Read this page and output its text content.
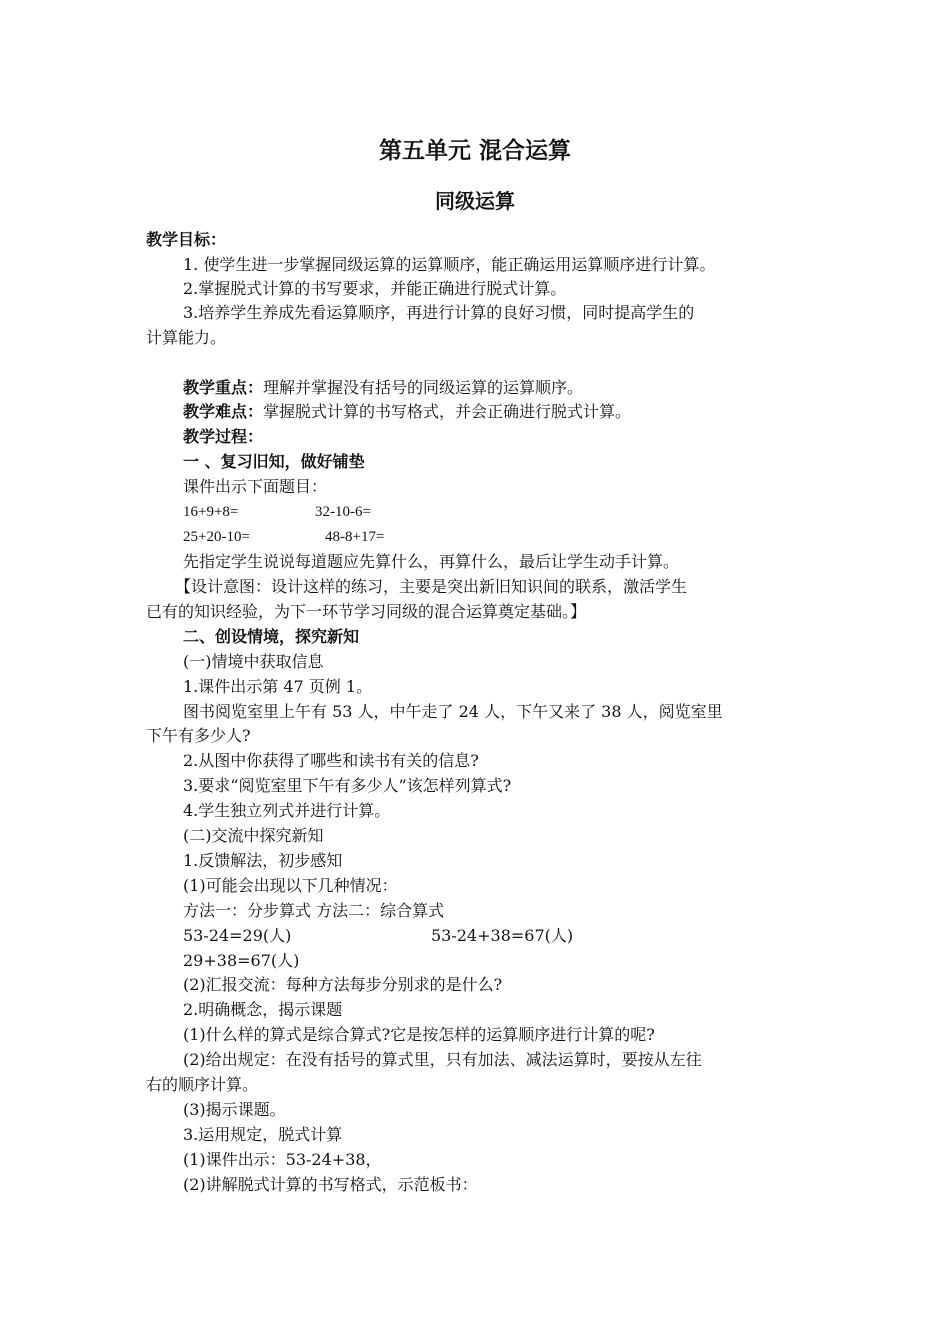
第五单元 混合运算
同级运算
教学目标：
1. 使学生进一步掌握同级运算的运算顺序，能正确运用运算顺序进行计算。
2.掌握脱式计算的书写要求，并能正确进行脱式计算。
3.培养学生养成先看运算顺序，再进行计算的良好习惯，同时提高学生的
计算能力。
教学重点：理解并掌握没有括号的同级运算的运算顺序。
教学难点：掌握脱式计算的书写格式，并会正确进行脱式计算。
教学过程：
一 、复习旧知，做好铺垫
课件出示下面题目：
16+9+8=	32-10-6=
25+20-10=	48-8+17=
先指定学生说说每道题应先算什么，再算什么，最后让学生动手计算。
【设计意图：设计这样的练习，主要是突出新旧知识间的联系，激活学生
已有的知识经验，为下一环节学习同级的混合运算奠定基础。】
二、创设情境，探究新知
(一)情境中获取信息
1.课件出示第 47 页例 1。
图书阅览室里上午有 53 人，中午走了 24 人，下午又来了 38 人，阅览室里
下午有多少人?
2.从图中你获得了哪些和读书有关的信息?
3.要求“阅览室里下午有多少人”该怎样列算式?
4.学生独立列式并进行计算。
(二)交流中探究新知
1.反馈解法，初步感知
(1)可能会出现以下几种情况：
方法一：分步算式 方法二：综合算式
53-24=29(人)	53-24+38=67(人)
29+38=67(人)
(2)汇报交流：每种方法每步分别求的是什么?
2.明确概念，揭示课题
(1)什么样的算式是综合算式?它是按怎样的运算顺序进行计算的呢?
(2)给出规定：在没有括号的算式里，只有加法、减法运算时，要按从左往
右的顺序计算。
(3)揭示课题。
3.运用规定，脱式计算
(1)课件出示：53-24+38，
(2)讲解脱式计算的书写格式，示范板书：
